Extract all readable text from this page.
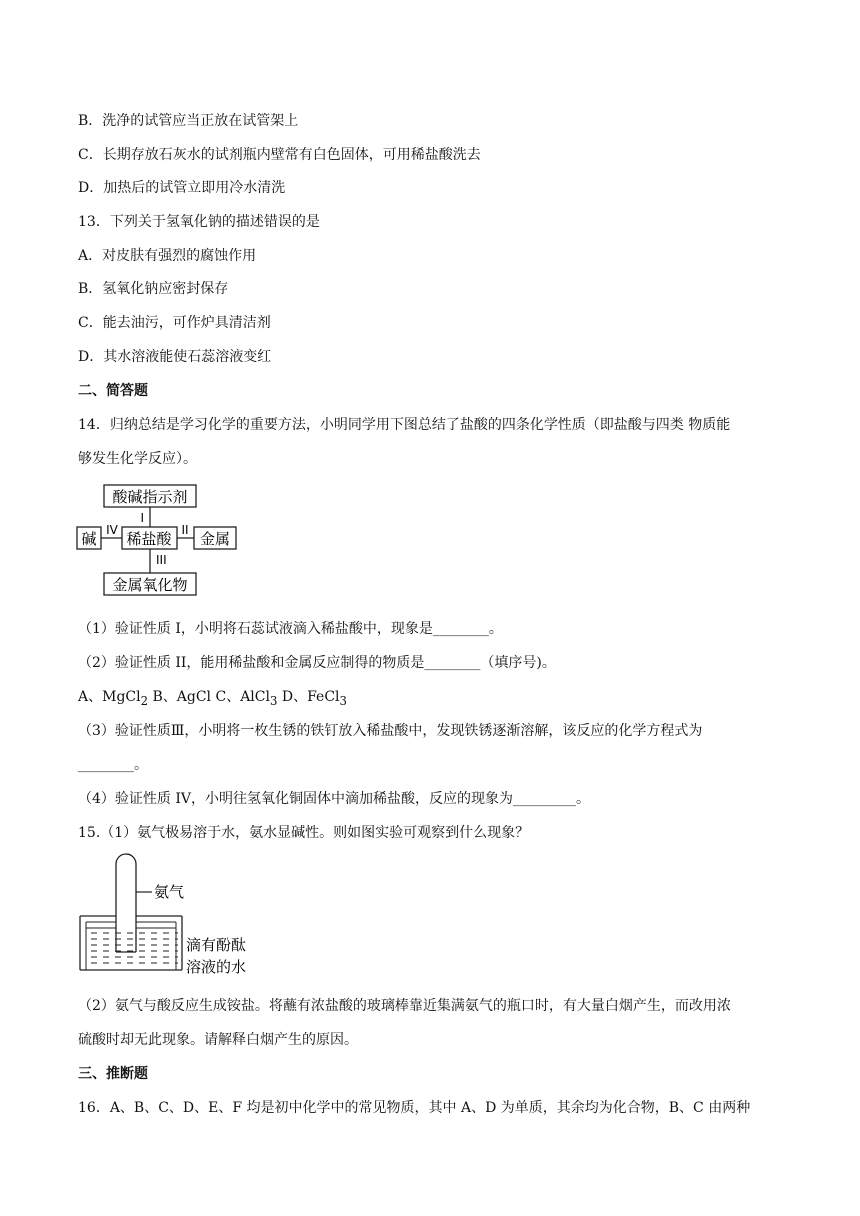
B．洗净的试管应当正放在试管架上
C．长期存放石灰水的试剂瓶内壁常有白色固体，可用稀盐酸洗去
D．加热后的试管立即用冷水清洗
13．下列关于氢氧化钠的描述错误的是
A．对皮肤有强烈的腐蚀作用
B．氢氧化钠应密封保存
C．能去油污，可作炉具清洁剂
D．其水溶液能使石蕊溶液变红
二、简答题
14．归纳总结是学习化学的重要方法，小明同学用下图总结了盐酸的四条化学性质（即盐酸与四类 物质能
够发生化学反应）。
酸碱指示剂
I
稀盐酸
碱 IV	金属
II
III
金属氧化物
（1）验证性质 I，小明将石蕊试液滴入稀盐酸中，现象是________。
（2）验证性质 II，能用稀盐酸和金属反应制得的物质是________（填序号)。
A、MgCl$_2$ B、AgCl C、AlCl$_3$ D、FeCl$_3$
（3）验证性质Ⅲ，小明将一枚生锈的铁钉放入稀盐酸中，发现铁锈逐渐溶解，该反应的化学方程式为
________。
（4）验证性质 IV，小明往氢氧化铜固体中滴加稀盐酸，反应的现象为_________。
15.（1）氨气极易溶于水，氨水显碱性。则如图实验可观察到什么现象？
氨气
滴有酚酞
溶液的水
（2）氨气与酸反应生成铵盐。将蘸有浓盐酸的玻璃棒靠近集满氨气的瓶口时，有大量白烟产生，而改用浓
硫酸时却无此现象。请解释白烟产生的原因。
三、推断题
16．A、B、C、D、E、F 均是初中化学中的常见物质，其中 A、D 为单质，其余均为化合物，B、C 由两种
